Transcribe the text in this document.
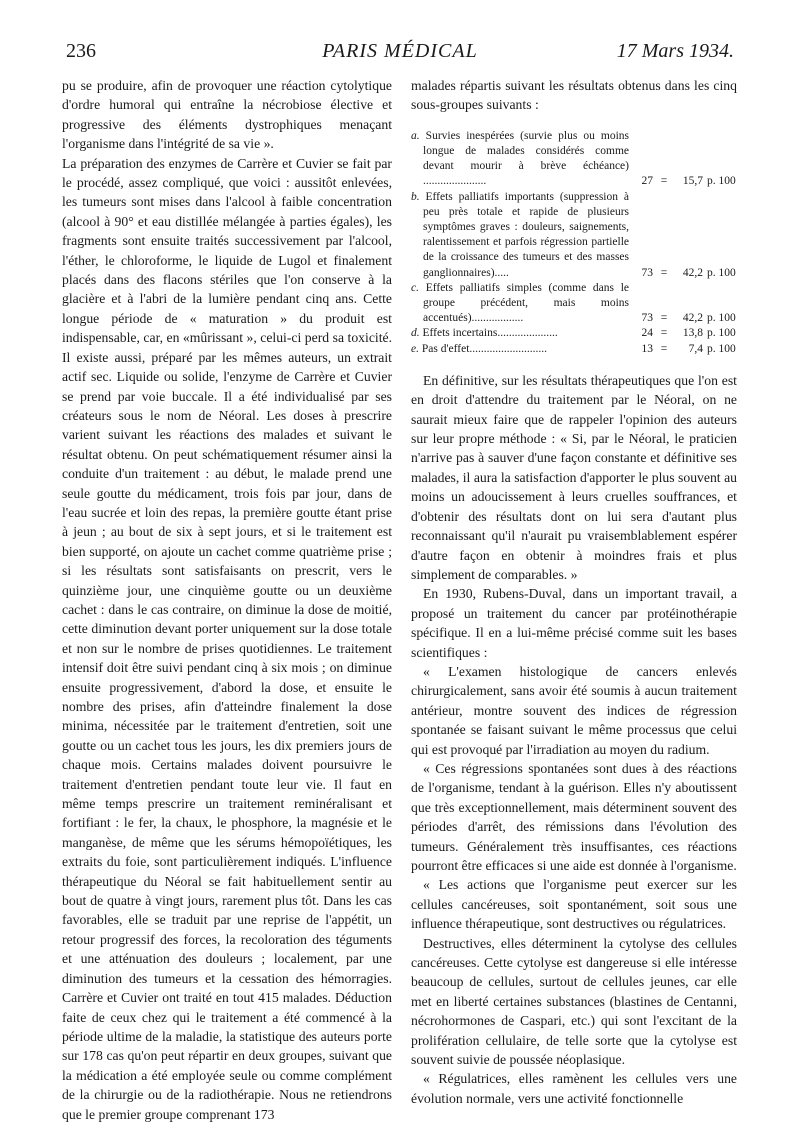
236	PARIS MÉDICAL	17 Mars 1934.

pu se produire, afin de provoquer une réaction cytolytique d'ordre humoral qui entraîne la nécrobiose élective et progressive des éléments dystrophiques menaçant l'organisme dans l'intégrité de sa vie ».

La préparation des enzymes de Carrère et Cuvier se fait par le procédé, assez compliqué, que voici : aussitôt enlevées, les tumeurs sont mises dans l'alcool à faible concentration (alcool à 90° et eau distillée mélangée à parties égales), les fragments sont ensuite traités successivement par l'alcool, l'éther, le chloroforme, le liquide de Lugol et finalement placés dans des flacons stériles que l'on conserve à la glacière et à l'abri de la lumière pendant cinq ans. Cette longue période de « maturation » du produit est indispensable, car, en «mûrissant », celui-ci perd sa toxicité. Il existe aussi, préparé par les mêmes auteurs, un extrait actif sec. Liquide ou solide, l'enzyme de Carrère et Cuvier se prend par voie buccale. Il a été individualisé par ses créateurs sous le nom de Néoral. Les doses à prescrire varient suivant les réactions des malades et suivant le résultat obtenu. On peut schématiquement résumer ainsi la conduite d'un traitement : au début, le malade prend une seule goutte du médicament, trois fois par jour, dans de l'eau sucrée et loin des repas, la première goutte étant prise à jeun ; au bout de six à sept jours, et si le traitement est bien supporté, on ajoute un cachet comme quatrième prise ; si les résultats sont satisfaisants on prescrit, vers le quinzième jour, une cinquième goutte ou un deuxième cachet : dans le cas contraire, on diminue la dose de moitié, cette diminution devant porter uniquement sur la dose totale et non sur le nombre de prises quotidiennes. Le traitement intensif doit être suivi pendant cinq à six mois ; on diminue ensuite progressivement, d'abord la dose, et ensuite le nombre des prises, afin d'atteindre finalement la dose minima, nécessitée par le traitement d'entretien, soit une goutte ou un cachet tous les jours, les dix premiers jours de chaque mois. Certains malades doivent poursuivre le traitement d'entretien pendant toute leur vie. Il faut en même temps prescrire un traitement reminéralisant et fortifiant : le fer, la chaux, le phosphore, la magnésie et le manganèse, de même que les sérums hémopoïétiques, les extraits du foie, sont particulièrement indiqués. L'influence thérapeutique du Néoral se fait habituellement sentir au bout de quatre à vingt jours, rarement plus tôt. Dans les cas favorables, elle se traduit par une reprise de l'appétit, un retour progressif des forces, la recoloration des téguments et une atténuation des douleurs ; localement, par une diminution des tumeurs et la cessation des hémorragies. Carrère et Cuvier ont traité en tout 415 malades. Déduction faite de ceux chez qui le traitement a été commencé à la période ultime de la maladie, la statistique des auteurs porte sur 178 cas qu'on peut répartir en deux groupes, suivant que la médication a été employée seule ou comme complément de la chirurgie ou de la radiothérapie. Nous ne retiendrons que le premier groupe comprenant 173

malades répartis suivant les résultats obtenus dans les cinq sous-groupes suivants :

a. Survies inespérées (survie plus ou moins longue de malades considérés comme devant mourir à brève échéance) ......................	27 = 15,7 p. 100
b. Effets palliatifs importants (suppression à peu près totale et rapide de plusieurs symptômes graves : douleurs, saignements, ralentissement et parfois régression partielle de la croissance des tumeurs et des masses ganglionnaires).....	73 = 42,2 p. 100
c. Effets palliatifs simples (comme dans le groupe précédent, mais moins accentués)..................	73 = 42,2 p. 100
d. Effets incertains.....................	24 = 13,8 p. 100
e. Pas d'effet...........................	13 = 7,4 p. 100

En définitive, sur les résultats thérapeutiques que l'on est en droit d'attendre du traitement par le Néoral, on ne saurait mieux faire que de rappeler l'opinion des auteurs sur leur propre méthode : « Si, par le Néoral, le praticien n'arrive pas à sauver d'une façon constante et définitive ses malades, il aura la satisfaction d'apporter le plus souvent au moins un adoucissement à leurs cruelles souffrances, et d'obtenir des résultats dont on lui sera d'autant plus reconnaissant qu'il n'aurait pu vraisemblablement espérer d'autre façon en obtenir à moindres frais et plus simplement de comparables. »

En 1930, Rubens-Duval, dans un important travail, a proposé un traitement du cancer par protéinothérapie spécifique. Il en a lui-même précisé comme suit les bases scientifiques :

« L'examen histologique de cancers enlevés chirurgicalement, sans avoir été soumis à aucun traitement antérieur, montre souvent des indices de régression spontanée se faisant suivant le même processus que celui qui est provoqué par l'irradiation au moyen du radium.

« Ces régressions spontanées sont dues à des réactions de l'organisme, tendant à la guérison. Elles n'y aboutissent que très exceptionnellement, mais déterminent souvent des périodes d'arrêt, des rémissions dans l'évolution des tumeurs. Généralement très insuffisantes, ces réactions pourront être efficaces si une aide est donnée à l'organisme.

« Les actions que l'organisme peut exercer sur les cellules cancéreuses, soit spontanément, soit sous une influence thérapeutique, sont destructives ou régulatrices.

Destructives, elles déterminent la cytolyse des cellules cancéreuses. Cette cytolyse est dangereuse si elle intéresse beaucoup de cellules, surtout de cellules jeunes, car elle met en liberté certaines substances (blastines de Centanni, nécrohormones de Caspari, etc.) qui sont l'excitant de la prolifération cellulaire, de telle sorte que la cytolyse est souvent suivie de poussée néoplasique.

« Régulatrices, elles ramènent les cellules vers une évolution normale, vers une activité fonctionnelle
